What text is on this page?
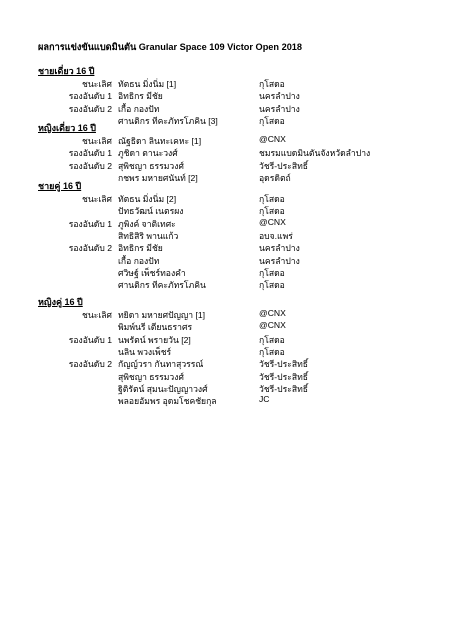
ผลการแข่งขันแบดมินตัน Granular Space 109 Victor Open 2018
ชายเดี่ยว 16 ปี
ชนะเลิศ ทัตธน มิ่งนิ่ม [1]	กุโสดอ
รองอันดับ 1 อิทธิกร มีชัย	นครลำปาง
รองอันดับ 2 เกื้อ กองปัท	นครลำปาง
ศานติกร ทีคะภัทรโภคิน [3]	กุโสดอ
หญิงเดี่ยว 16 ปี
ชนะเลิศ ณัฐธิดา ลินทะเคหะ [1]	@CNX
รองอันดับ 1 ภูชิดา ตานะวงศ์	ชมรมแบดมินตันจังหวัดลำปาง
รองอันดับ 2 สุพิชญา ธรรมวงศ์	วัชรี-ประสิทธิ์
กชพร มหายศนันท์ [2]	อุดรดิตถ์
ชายคู่ 16 ปี
ชนะเลิศ ทัตธน มิ่งนิ่ม [2]	กุโสดอ
ปัทธวัฒน์ เนตรผง	กุโสดอ
รองอันดับ 1 ภูพิงค์ จาติเทศะ	@CNX
สิทธิสิริ พานแก้ว	อบจ.แพร่
รองอันดับ 2 อิทธิกร มีชัย	นครลำปาง
เกื้อ กองปัท	นครลำปาง
ศวิษฐ์ เพ็ชร์ทองคำ	กุโสดอ
ศานติกร ทีคะภัทรโภคิน	กุโสดอ
หญิงคู่ 16 ปี
ชนะเลิศ ทยิดา มหายศปัญญา [1]	@CNX
พิมพ์นรี เตียนธราศร	@CNX
รองอันดับ 1 นพรัตน์ พรายวัน [2]	กุโสดอ
นลิน พวงเพ็ชร์	กุโสดอ
รองอันดับ 2 กัญญ์วรา กันทาสุวรรณ์	วัชรี-ประสิทธิ์
สุพิชญา ธรรมวงศ์	วัชรี-ประสิทธิ์
ฐิติรัตน์ สุมนะปัญญาวงศ์	วัชรี-ประสิทธิ์
พลอยอัมพร อุดมโชคชัยกุล	JC
